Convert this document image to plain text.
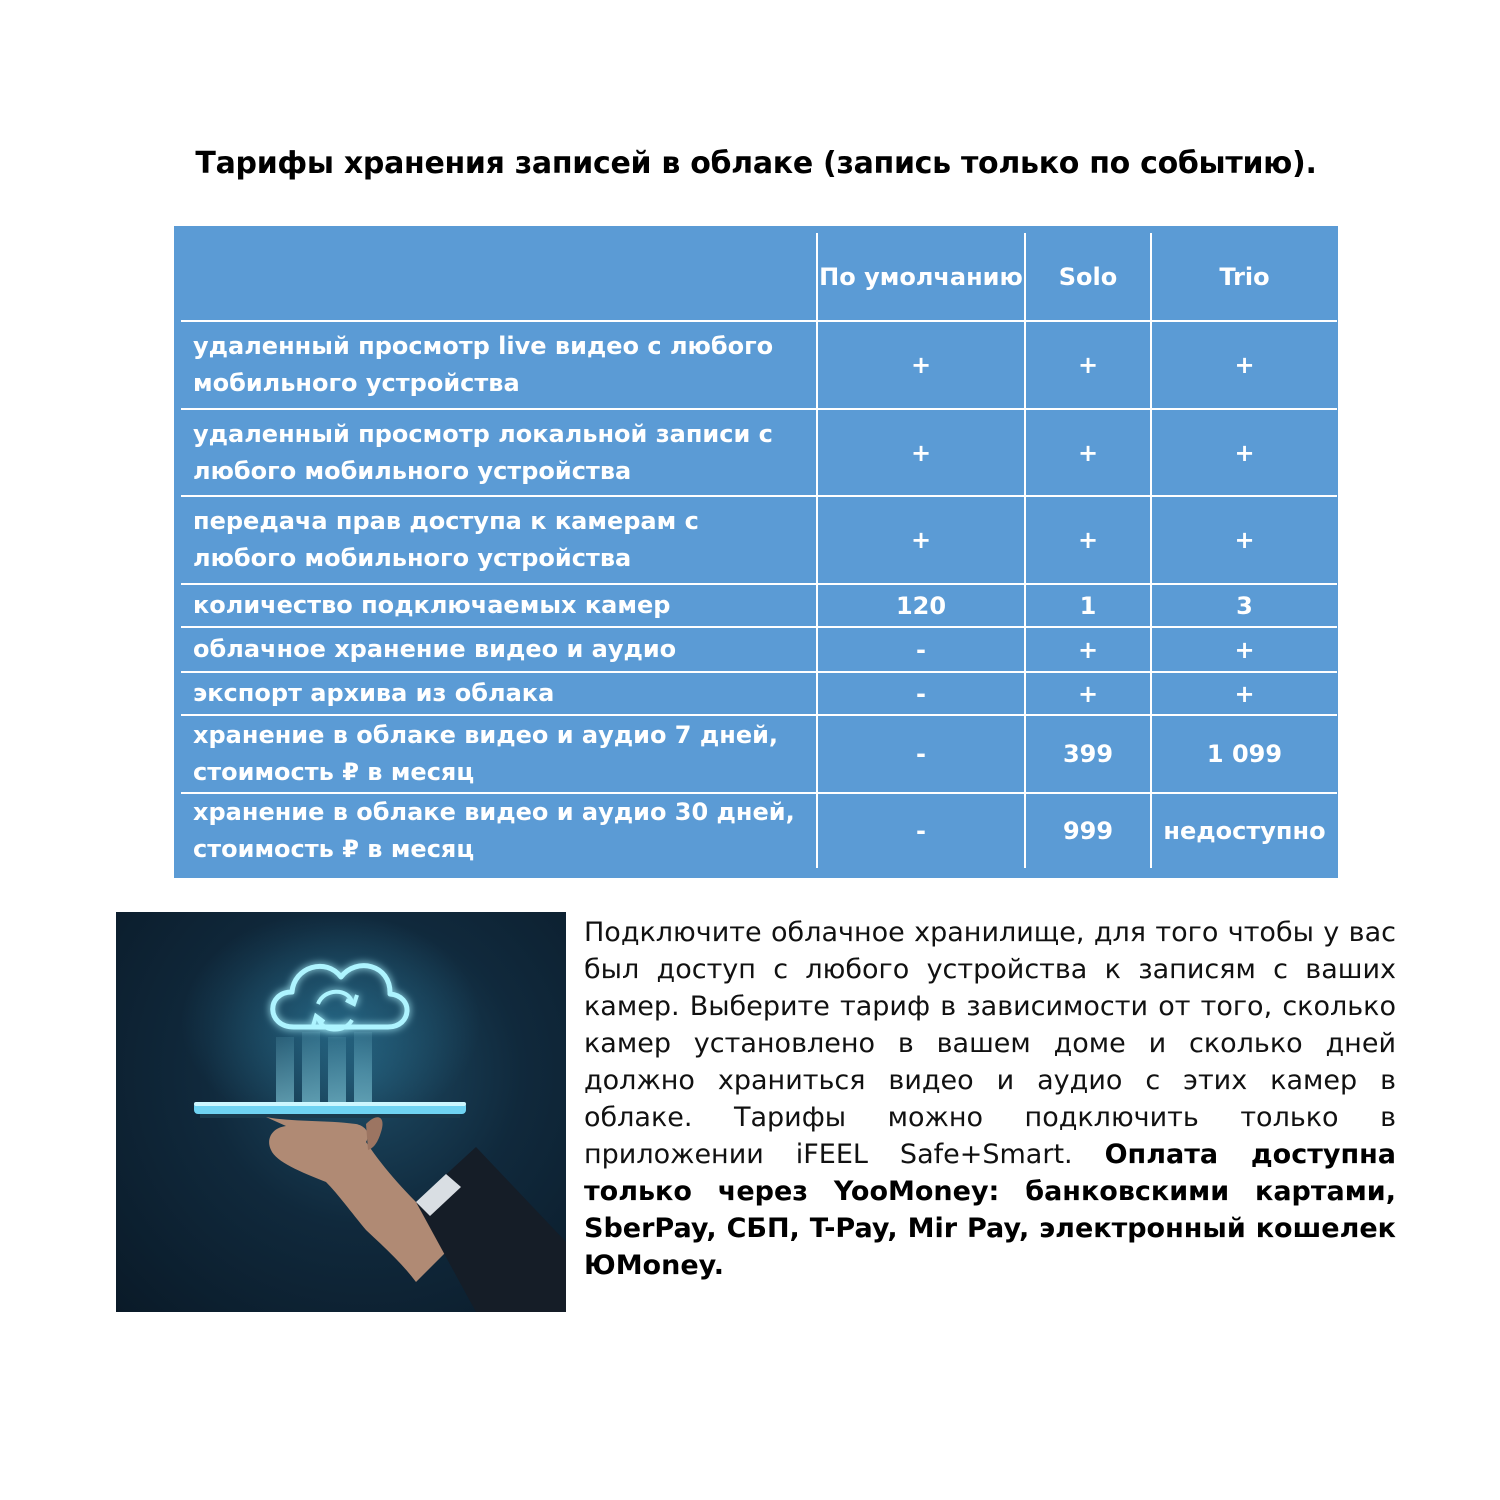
Тарифы хранения записей в облаке (запись только по событию).
	По умолчанию	Solo	Trio
удаленный просмотр live видео с любого мобильного устройства	+	+	+
удаленный просмотр локальной записи с любого мобильного устройства	+	+	+
передача прав доступа к камерам с любого мобильного устройства	+	+	+
количество подключаемых камер	120	1	3
облачное хранение видео и аудио	-	+	+
экспорт архива из облака	-	+	+
хранение в облаке видео и аудио 7 дней, стоимость ₽ в месяц	-	399	1 099
хранение в облаке видео и аудио 30 дней, стоимость ₽ в месяц	-	999	недоступно

Подключите облачное хранилище, для того чтобы у вас был доступ с любого устройства к записям с ваших камер. Выберите тариф в зависимости от того, сколько камер установлено в вашем доме и сколько дней должно храниться видео и аудио с этих камер в облаке. Тарифы можно подключить только в приложении iFEEL Safe+Smart. Оплата доступна только через YooMoney: банковскими картами, SberPay, СБП, T-Pay, Mir Pay, электронный кошелек ЮMoney.
